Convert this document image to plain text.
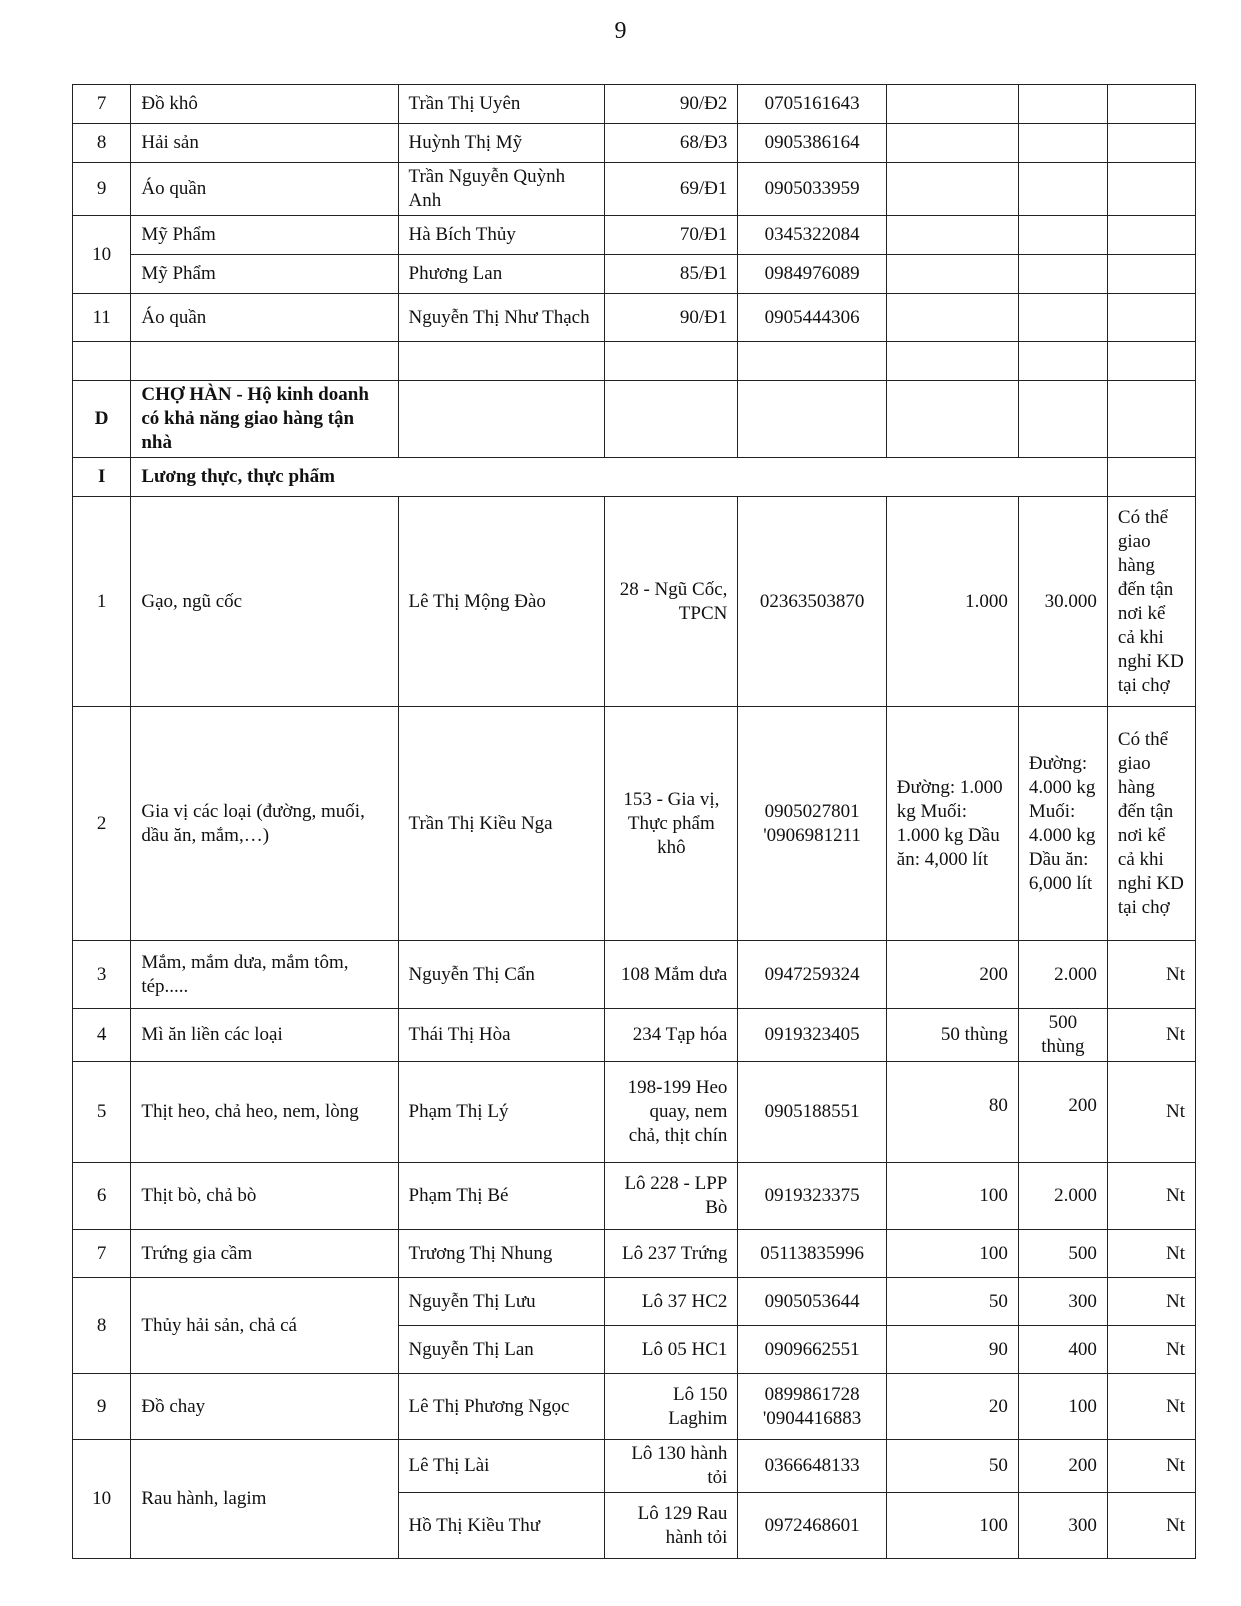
9
7	Đồ khô	Trần Thị Uyên	90/Đ2	0705161643			
8	Hải sản	Huỳnh Thị Mỹ	68/Đ3	0905386164			
9	Áo quần	Trần Nguyễn Quỳnh Anh	69/Đ1	0905033959			
10	Mỹ Phẩm	Hà Bích Thủy	70/Đ1	0345322084			
	Mỹ Phẩm	Phương Lan	85/Đ1	0984976089			
11	Áo quần	Nguyễn Thị Như Thạch	90/Đ1	0905444306			

D	CHỢ HÀN - Hộ kinh doanh có khả năng giao hàng tận nhà						
I	Lương thực, thực phẩm						
1	Gạo, ngũ cốc	Lê Thị Mộng Đào	28 - Ngũ Cốc, TPCN	02363503870	1.000	30.000	Có thể giao hàng đến tận nơi kể cả khi nghỉ KD tại chợ
2	Gia vị các loại (đường, muối, dầu ăn, mắm,…)	Trần Thị Kiều Nga	153 - Gia vị, Thực phẩm khô	0905027801 '0906981211	Đường: 1.000 kg Muối: 1.000 kg Dầu ăn: 4,000 lít	Đường: 4.000 kg Muối: 4.000 kg Dầu ăn: 6,000 lít	Có thể giao hàng đến tận nơi kể cả khi nghỉ KD tại chợ
3	Mắm, mắm dưa, mắm tôm, tép.....	Nguyễn Thị Cẩn	108 Mắm dưa	0947259324	200	2.000	Nt
4	Mì ăn liền các loại	Thái Thị Hòa	234 Tạp hóa	0919323405	50 thùng	500 thùng	Nt
5	Thịt heo, chả heo, nem, lòng	Phạm Thị Lý	198-199 Heo quay, nem chả, thịt chín	0905188551	80	200	Nt
6	Thịt bò, chả bò	Phạm Thị Bé	Lô 228 - LPP Bò	0919323375	100	2.000	Nt
7	Trứng gia cầm	Trương Thị Nhung	Lô 237 Trứng	05113835996	100	500	Nt
8	Thủy hải sản, chả cá	Nguyễn Thị Lưu	Lô 37 HC2	0905053644	50	300	Nt
		Nguyễn Thị Lan	Lô 05 HC1	0909662551	90	400	Nt
9	Đồ chay	Lê Thị Phương Ngọc	Lô 150 Laghim	0899861728 '0904416883	20	100	Nt
10	Rau hành, lagim	Lê Thị Lài	Lô 130 hành tỏi	0366648133	50	200	Nt
		Hồ Thị Kiều Thư	Lô 129 Rau hành tỏi	0972468601	100	300	Nt
